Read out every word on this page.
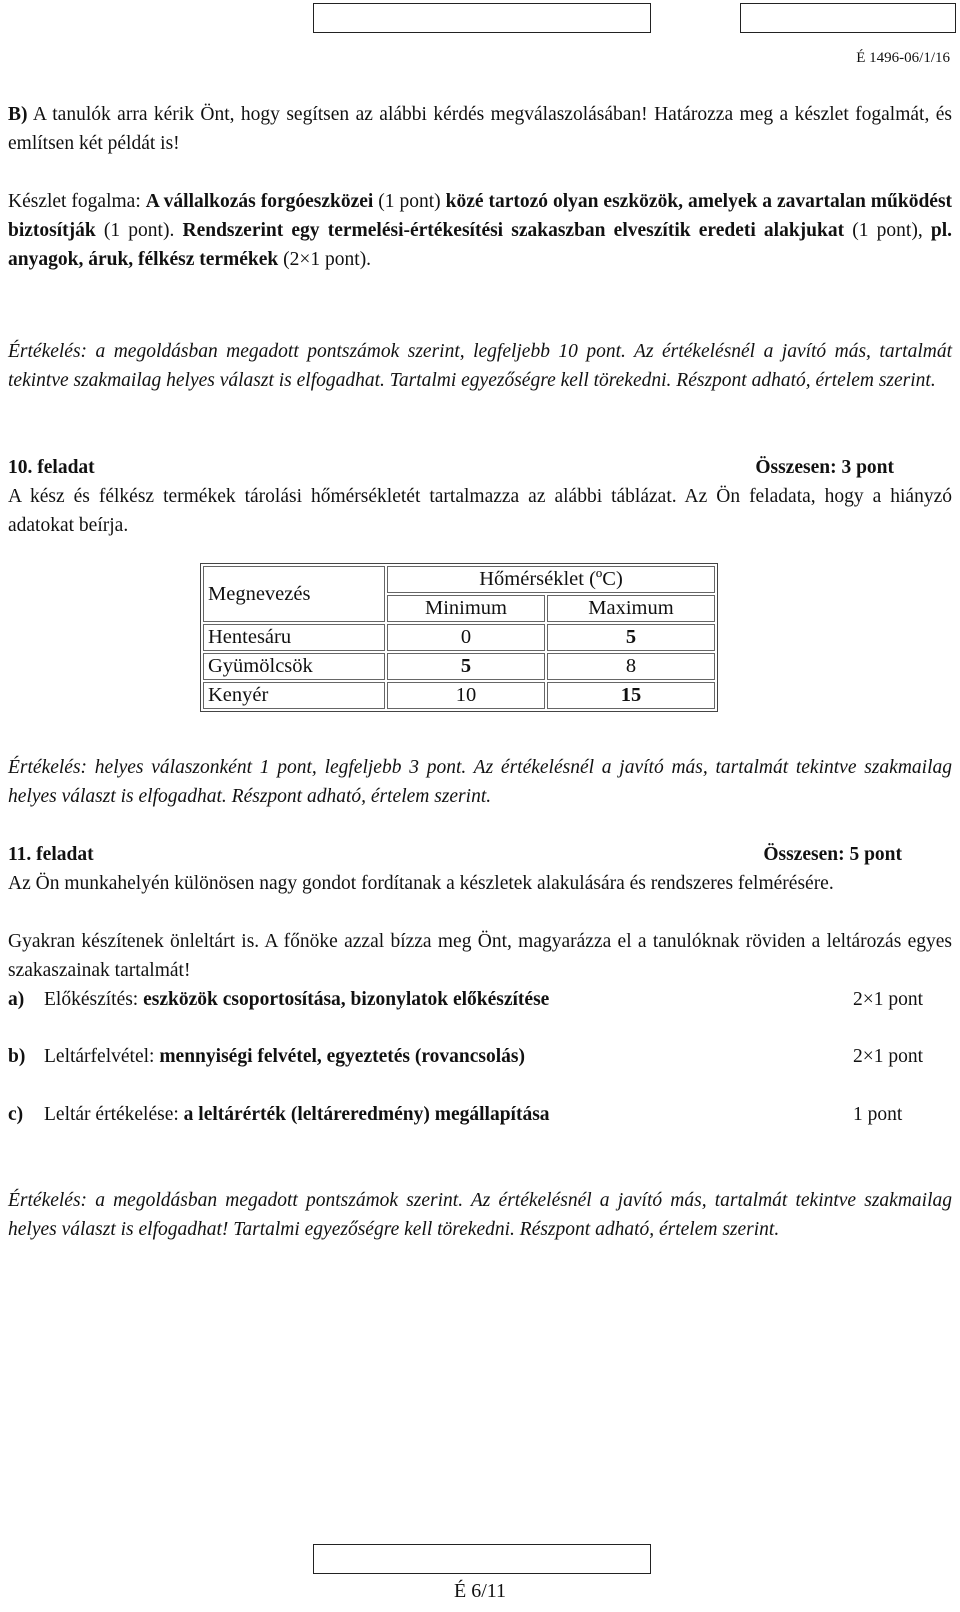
É 1496-06/1/16

B) A tanulók arra kérik Önt, hogy segítsen az alábbi kérdés megválaszolásában! Határozza meg a készlet fogalmát, és említsen két példát is!

Készlet fogalma: A vállalkozás forgóeszközei (1 pont) közé tartozó olyan eszközök, amelyek a zavartalan működést biztosítják (1 pont). Rendszerint egy termelési-értékesítési szakaszban elveszítik eredeti alakjukat (1 pont), pl. anyagok, áruk, félkész termékek (2×1 pont).

Értékelés: a megoldásban megadott pontszámok szerint, legfeljebb 10 pont. Az értékelésnél a javító más, tartalmát tekintve szakmailag helyes választ is elfogadhat. Tartalmi egyezőségre kell törekedni. Részpont adható, értelem szerint.

10. feladat	Összesen: 3 pont

A kész és félkész termékek tárolási hőmérsékletét tartalmazza az alábbi táblázat. Az Ön feladata, hogy a hiányzó adatokat beírja.

Megnevezés	Hőmérséklet (ºC)	
	Minimum	Maximum
Hentesáru	0	5
Gyümölcsök	5	8
Kenyér	10	15

Értékelés: helyes válaszonként 1 pont, legfeljebb 3 pont. Az értékelésnél a javító más, tartalmát tekintve szakmailag helyes választ is elfogadhat. Részpont adható, értelem szerint.

11. feladat	Összesen: 5 pont

Az Ön munkahelyén különösen nagy gondot fordítanak a készletek alakulására és rendszeres felmérésére.

Gyakran készítenek önleltárt is. A főnöke azzal bízza meg Önt, magyarázza el a tanulóknak röviden a leltározás egyes szakaszainak tartalmát!

a) Előkészítés: eszközök csoportosítása, bizonylatok előkészítése	2×1 pont
b) Leltárfelvétel: mennyiségi felvétel, egyeztetés (rovancsolás)	2×1 pont
c) Leltár értékelése: a leltárérték (leltáreredmény) megállapítása	1 pont

Értékelés: a megoldásban megadott pontszámok szerint. Az értékelésnél a javító más, tartalmát tekintve szakmailag helyes választ is elfogadhat! Tartalmi egyezőségre kell törekedni. Részpont adható, értelem szerint.

É 6/11
